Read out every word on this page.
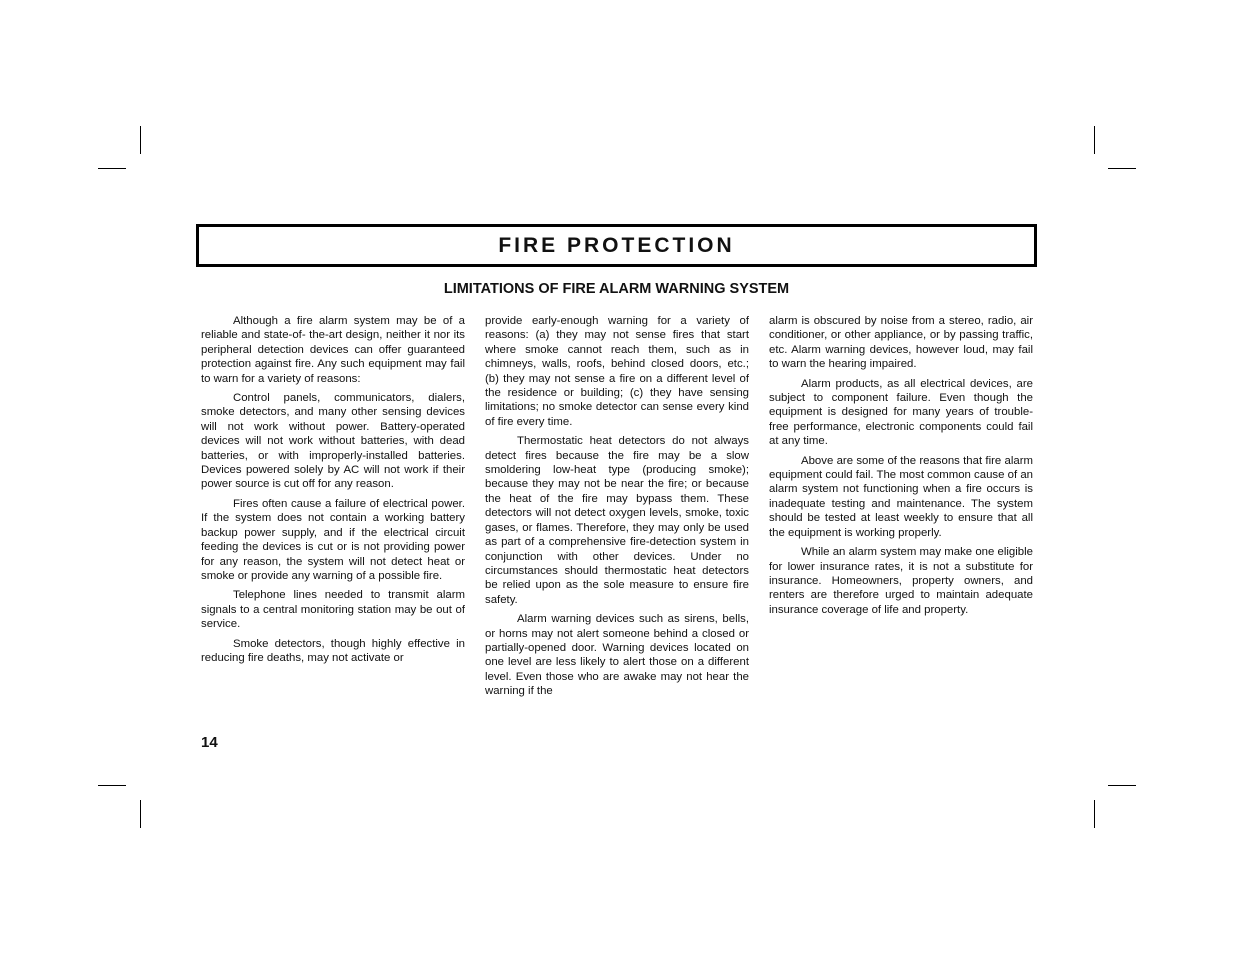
FIRE PROTECTION
LIMITATIONS OF FIRE ALARM WARNING SYSTEM

Although a fire alarm system may be of a reliable and state-of- the-art design, neither it nor its peripheral detection devices can offer guaranteed protection against fire. Any such equipment may fail to warn for a variety of reasons:

Control panels, communicators, dialers, smoke detectors, and many other sensing devices will not work without power. Battery-operated devices will not work without batteries, with dead batteries, or with improperly-installed batteries. Devices powered solely by AC will not work if their power source is cut off for any reason.

Fires often cause a failure of electrical power. If the system does not contain a working battery backup power supply, and if the electrical circuit feeding the devices is cut or is not providing power for any reason, the system will not detect heat or smoke or provide any warning of a possible fire.

Telephone lines needed to transmit alarm signals to a central monitoring station may be out of service.

Smoke detectors, though highly effective in reducing fire deaths, may not activate or

provide early-enough warning for a variety of reasons: (a) they may not sense fires that start where smoke cannot reach them, such as in chimneys, walls, roofs, behind closed doors, etc.; (b) they may not sense a fire on a different level of the residence or building; (c) they have sensing limitations; no smoke detector can sense every kind of fire every time.

Thermostatic heat detectors do not always detect fires because the fire may be a slow smoldering low-heat type (producing smoke); because they may not be near the fire; or because the heat of the fire may bypass them. These detectors will not detect oxygen levels, smoke, toxic gases, or flames. Therefore, they may only be used as part of a comprehensive fire-detection system in conjunction with other devices. Under no circumstances should thermostatic heat detectors be relied upon as the sole measure to ensure fire safety.

Alarm warning devices such as sirens, bells, or horns may not alert someone behind a closed or partially-opened door. Warning devices located on one level are less likely to alert those on a different level. Even those who are awake may not hear the warning if the

alarm is obscured by noise from a stereo, radio, air conditioner, or other appliance, or by passing traffic, etc. Alarm warning devices, however loud, may fail to warn the hearing impaired.

Alarm products, as all electrical devices, are subject to component failure. Even though the equipment is designed for many years of trouble-free performance, electronic components could fail at any time.

Above are some of the reasons that fire alarm equipment could fail. The most common cause of an alarm system not functioning when a fire occurs is inadequate testing and maintenance. The system should be tested at least weekly to ensure that all the equipment is working properly.

While an alarm system may make one eligible for lower insurance rates, it is not a substitute for insurance. Homeowners, property owners, and renters are therefore urged to maintain adequate insurance coverage of life and property.

14
